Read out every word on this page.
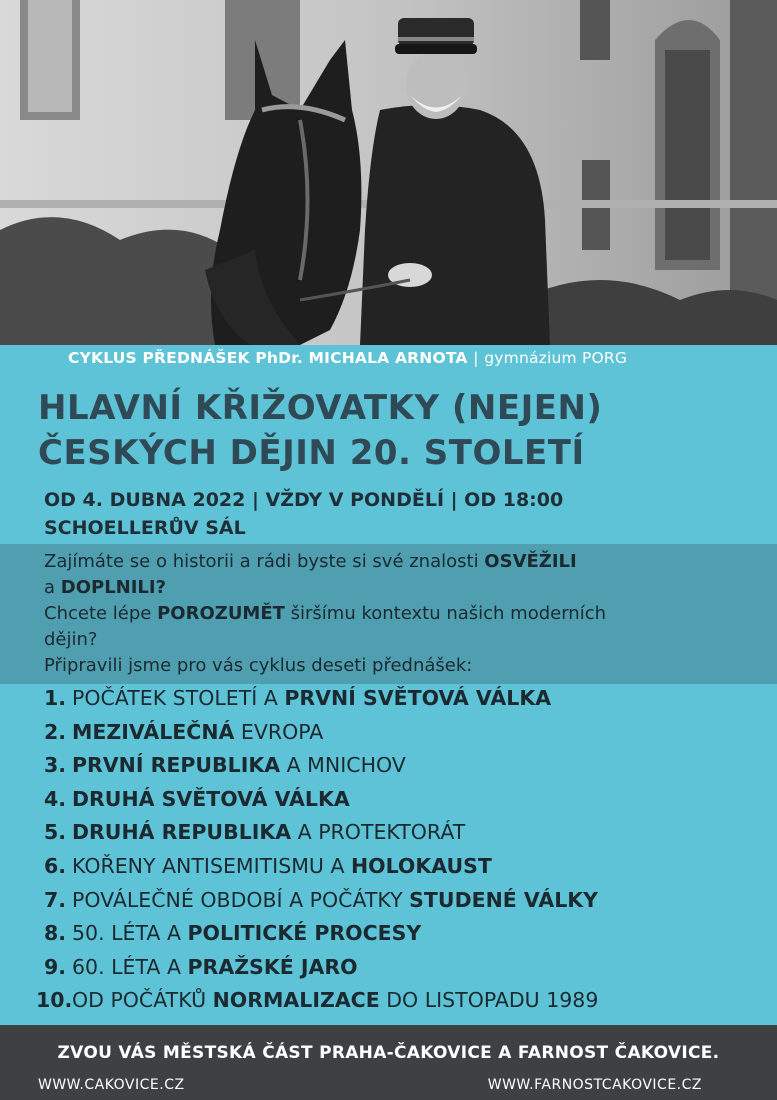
CYKLUS PŘEDNÁŠEK PhDr. MICHALA ARNOTA | gymnázium PORG
HLAVNÍ KŘIŽOVATKY (NEJEN)
ČESKÝCH DĚJIN 20. STOLETÍ
OD 4. DUBNA 2022 | VŽDY V PONDĚLÍ | OD 18:00
SCHOELLERŮV SÁL
Zajímáte se o historii a rádi byste si své znalosti OSVĚŽILI
a DOPLNILI?
Chcete lépe POROZUMĚT širšímu kontextu našich moderních
dějin?
Připravili jsme pro vás cyklus deseti přednášek:
1. POČÁTEK STOLETÍ A PRVNÍ SVĚTOVÁ VÁLKA
2. MEZIVÁLEČNÁ EVROPA
3. PRVNÍ REPUBLIKA A MNICHOV
4. DRUHÁ SVĚTOVÁ VÁLKA
5. DRUHÁ REPUBLIKA A PROTEKTORÁT
6. KOŘENY ANTISEMITISMU A HOLOKAUST
7. POVÁLEČNÉ OBDOBÍ A POČÁTKY STUDENÉ VÁLKY
8. 50. LÉTA A POLITICKÉ PROCESY
9. 60. LÉTA A PRAŽSKÉ JARO
10.OD POČÁTKŮ NORMALIZACE DO LISTOPADU 1989
ZVOU VÁS MĚSTSKÁ ČÁST PRAHA-ČAKOVICE A FARNOST ČAKOVICE.
WWW.CAKOVICE.CZ	WWW.FARNOSTCAKOVICE.CZ
